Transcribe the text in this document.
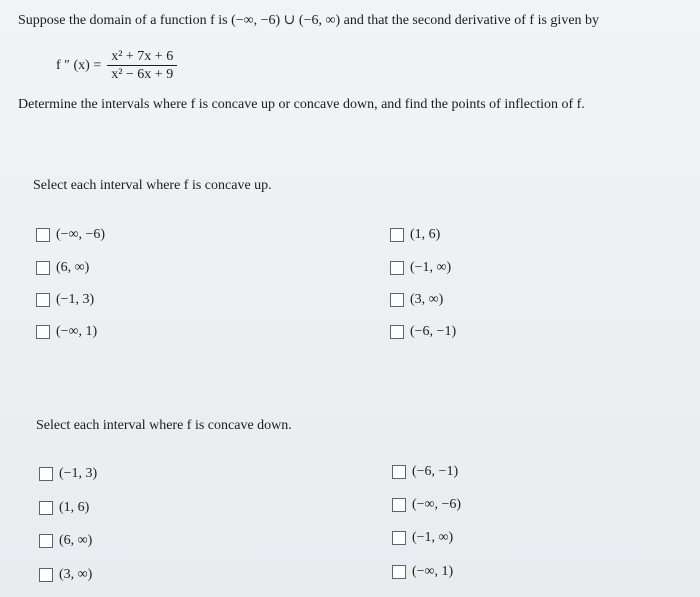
Suppose the domain of a function f is (−∞, −6) ∪ (−6, ∞) and that the second derivative of f is given by
f ″ $(x) = \frac{\text{x² + 7x + 6}}{\text{x² − 6x + 9}}$
Determine the intervals where f is concave up or concave down, and find the points of inflection of f.
Select each interval where f is concave up.
(−∞, −6)
(6, ∞)
(−1, 3)
(−∞, 1)
(1, 6)
(−1, ∞)
(3, ∞)
(−6, −1)
Select each interval where f is concave down.
(−1, 3)
(1, 6)
(6, ∞)
(3, ∞)
(−6, −1)
(−∞, −6)
(−1, ∞)
(−∞, 1)
